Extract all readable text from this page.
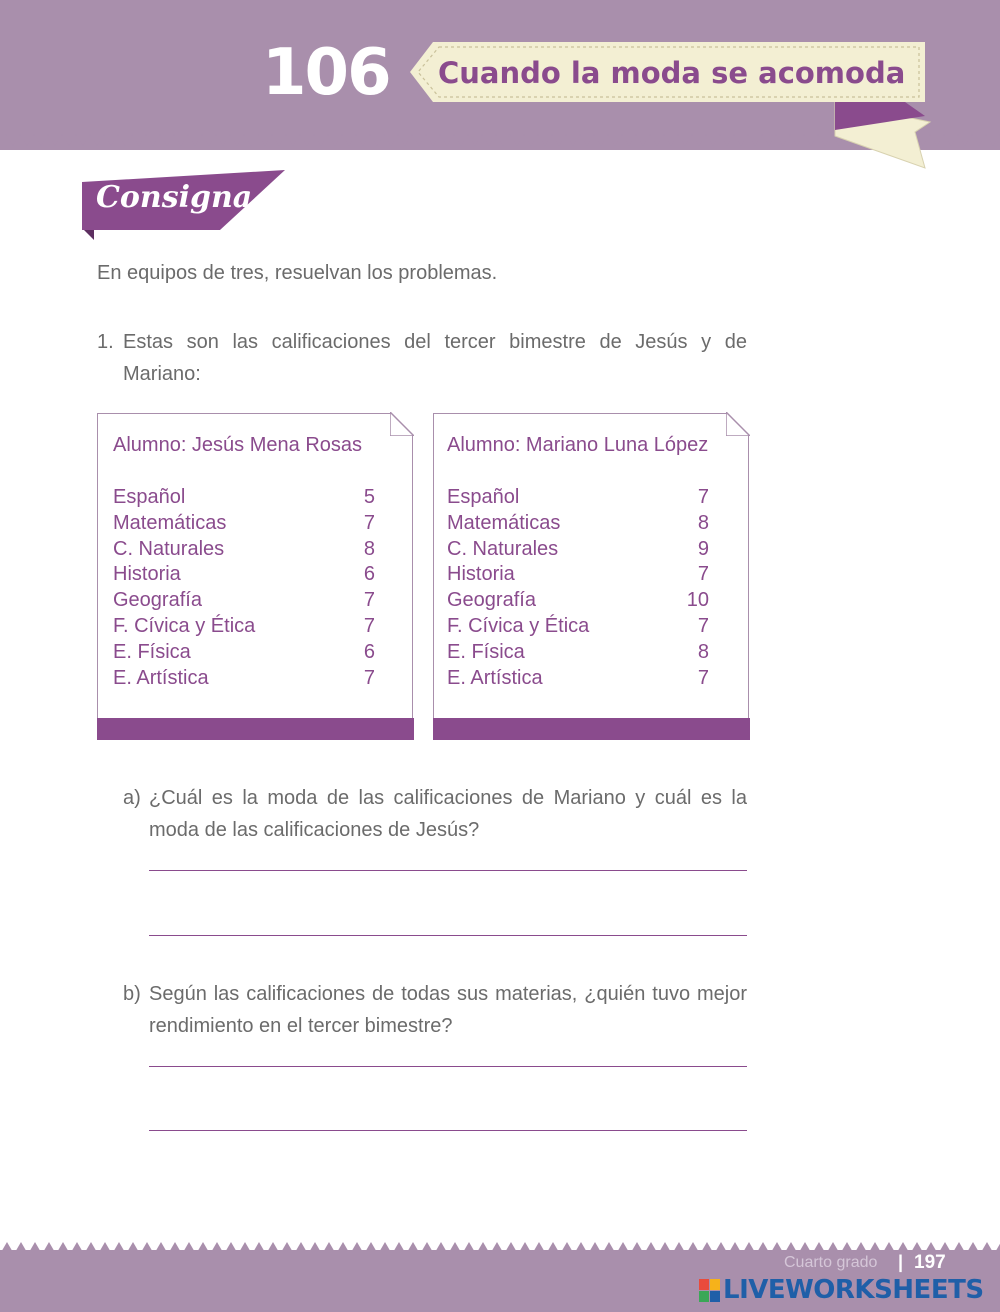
106 Cuando la moda se acomoda
Consigna
En equipos de tres, resuelvan los problemas.
1. Estas son las calificaciones del tercer bimestre de Jesús y de Mariano:
Alumno: Jesús Mena Rosas
Español	5
Matemáticas	7
C. Naturales	8
Historia	6
Geografía	7
F. Cívica y Ética	7
E. Física	6
E. Artística	7
Alumno: Mariano Luna López
Español	7
Matemáticas	8
C. Naturales	9
Historia	7
Geografía	10
F. Cívica y Ética	7
E. Física	8
E. Artística	7
a) ¿Cuál es la moda de las calificaciones de Mariano y cuál es la moda de las calificaciones de Jesús?
b) Según las calificaciones de todas sus materias, ¿quién tuvo mejor rendimiento en el tercer bimestre?
Cuarto grado | 197
LIVEWORKSHEETS
